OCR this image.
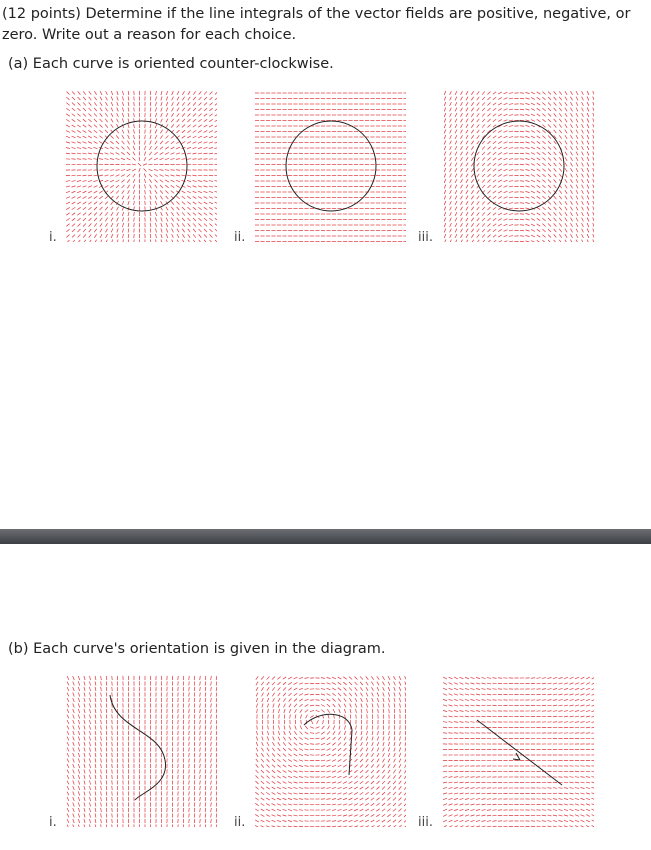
(12 points) Determine if the line integrals of the vector fields are positive, negative, or zero. Write out a reason for each choice.
(a) Each curve is oriented counter-clockwise.
i.	ii.	iii.
(b) Each curve's orientation is given in the diagram.
i.	ii.	iii.
